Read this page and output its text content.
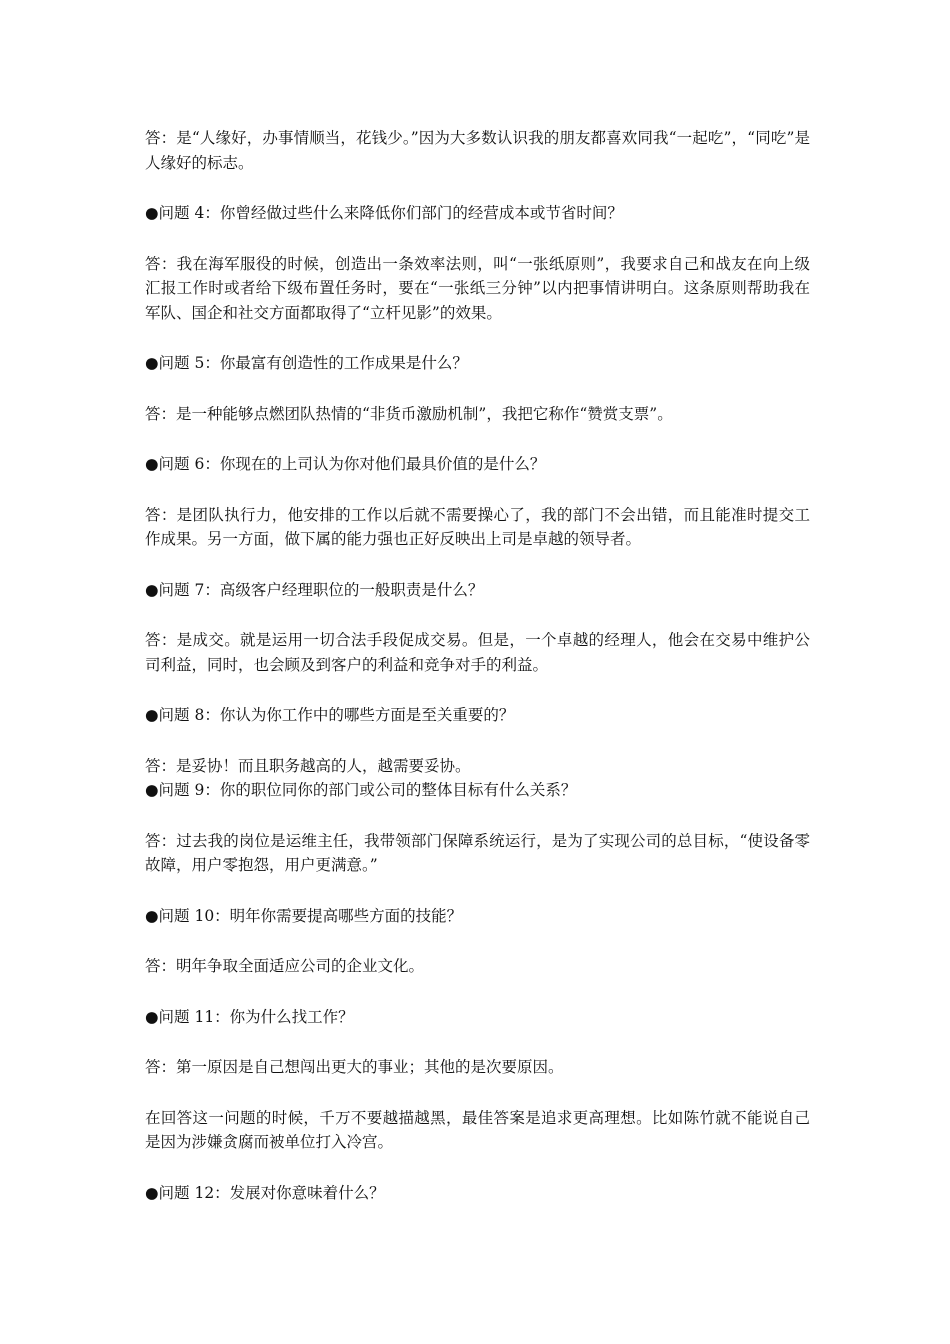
答：是“人缘好，办事情顺当，花钱少。”因为大多数认识我的朋友都喜欢同我“一起吃”，“同吃”是人缘好的标志。

●问题 4：你曾经做过些什么来降低你们部门的经营成本或节省时间？

答：我在海军服役的时候，创造出一条效率法则，叫“一张纸原则”，我要求自己和战友在向上级汇报工作时或者给下级布置任务时，要在“一张纸三分钟”以内把事情讲明白。这条原则帮助我在军队、国企和社交方面都取得了“立杆见影”的效果。

●问题 5：你最富有创造性的工作成果是什么？

答：是一种能够点燃团队热情的“非货币激励机制”，我把它称作“赞赏支票”。

●问题 6：你现在的上司认为你对他们最具价值的是什么？

答：是团队执行力，他安排的工作以后就不需要操心了，我的部门不会出错，而且能准时提交工作成果。另一方面，做下属的能力强也正好反映出上司是卓越的领导者。

●问题 7：高级客户经理职位的一般职责是什么？

答：是成交。就是运用一切合法手段促成交易。但是，一个卓越的经理人，他会在交易中维护公司利益，同时，也会顾及到客户的利益和竞争对手的利益。

●问题 8：你认为你工作中的哪些方面是至关重要的？

答：是妥协！而且职务越高的人，越需要妥协。

●问题 9：你的职位同你的部门或公司的整体目标有什么关系？

答：过去我的岗位是运维主任，我带领部门保障系统运行，是为了实现公司的总目标，“使设备零故障，用户零抱怨，用户更满意。”

●问题 10：明年你需要提高哪些方面的技能？

答：明年争取全面适应公司的企业文化。

●问题 11：你为什么找工作？

答：第一原因是自己想闯出更大的事业；其他的是次要原因。

在回答这一问题的时候，千万不要越描越黑，最佳答案是追求更高理想。比如陈竹就不能说自己是因为涉嫌贪腐而被单位打入冷宫。

●问题 12：发展对你意味着什么？
